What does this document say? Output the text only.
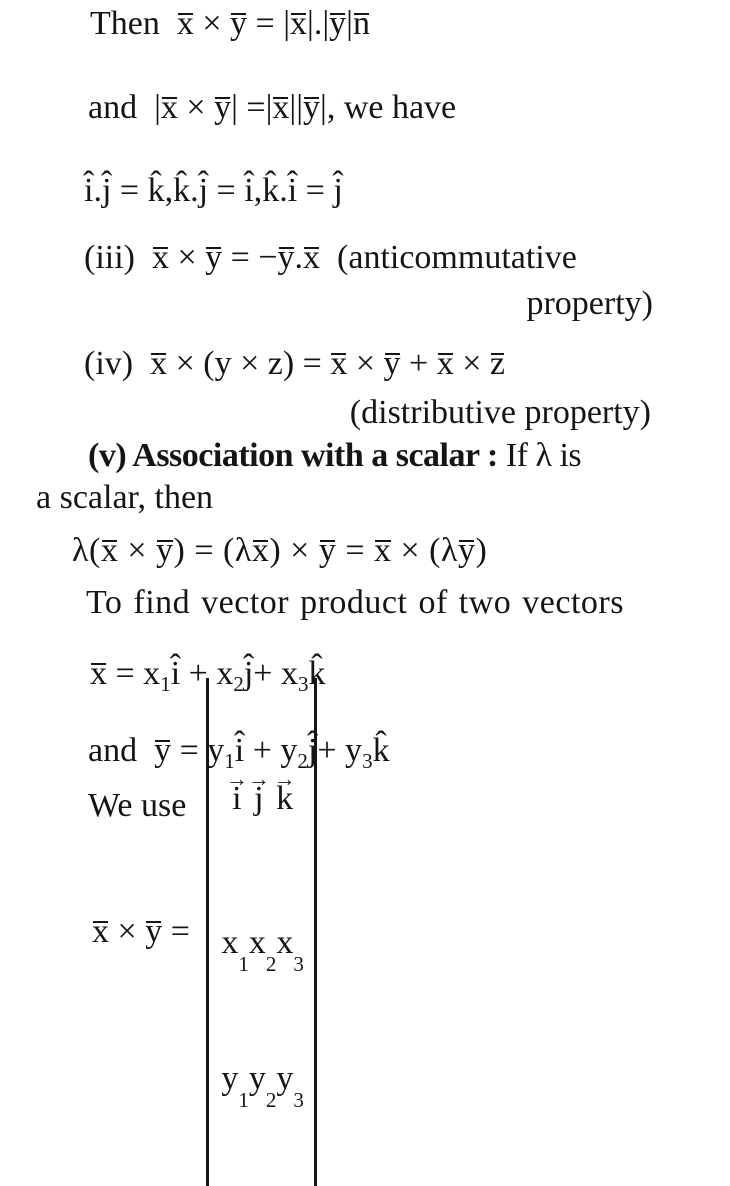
Then  x × y = |x|.|y|n
and  |x × y| =|x||y|, we have
ˆ i.ˆ j = ˆ k,ˆ k.ˆ j = ˆ i,ˆ k.ˆ i = ˆ j
(iii)  x × y = −y.x  (anticommutative
property)
(iv)  x × (y × z) = x × y + x × z
(distributive property)
(v) Association with a scalar : If λ is
a scalar, then
λ(x × y) = (λx) × y = x × (λy)
To find vector product of two vectors
$x = x_1ˆ$ $i + x_2ˆ$ $j+ x_3ˆ$ k
and  $y = y_1ˆ$ $i + y_2ˆ$ $j+ y_3ˆ$ k
We use
x × y =

→ i
→ j
→ k

x
1
x
2
x
3

y
1
y
2
y
3
